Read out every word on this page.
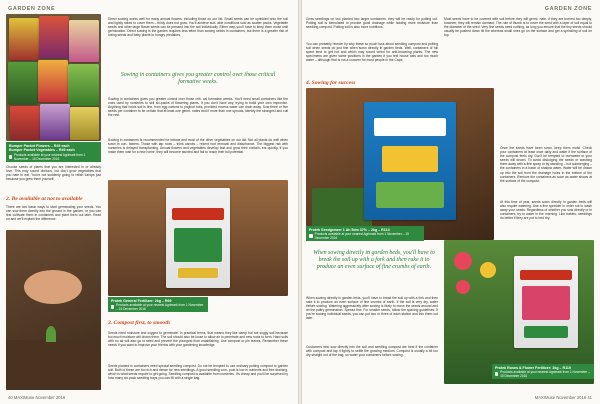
GARDEN ZONE
Bumper Packet Flowers – R49 each
Bumper Packet Vegetables – R49 each
Products available at your nearest Agrimark from 1 November – 15 December 2016

Choose seeds of plants that you are interested in or already love. This may sound obvious, but don't grow vegetables that you hate to eat. You're not suddenly going to relish turnips just because you grew them yourself.

2. Be available at not to available

There are two basic ways to start germinating your seeds. You can sow them directly into the ground in the garden, or you can first cultivate them in containers and plant them out later. Read on and we'll explain the difference.

Direct sowing works well for many annual flowers, including those on our list. Small seeds can be sprinkled onto the soil and lightly raked to cover them – thinly does not grow. You'll achieve suit- able conditions sold as scatter packs. Vegetable seeds and other large flower seeds can be pressed into the soil individually. Either way, you'll have to keep them moist until germination. Direct sowing is the garden requires less effort than sowing seeds in containers, but there is a greater risk of losing seeds and baby plants to hungry predators.

Sowing in containers gives you greater control over those critical formative weeks.

Sowing in containers gives you greater control over those criti- cal formative weeks. You'll need small containers like the ones used by nurseries to sell six-packs of flowering plants. If you don't have any, trying to build your own improvise. Anything that holds soil is fine, from egg cartons to yoghurt tubs, provided excess water can drain away. Sow three or five seeds per container to be certain that at least one germi- nates and if more than one sprouts, identify the strongest and cull the rest.

Sowing in containers is recommended for lettuce and most of the other vegetables on our list. Not all plants do well when sown in con- tainers. Those with tap roots – think carrots – resent root removal and disturbance. The biggest risk with nurseries is delayed transplanting. Annual flowers and vegetables develop fast and grow their contain- ers quickly. If you make them wait for a new home, they will become stunted and fail to reach their full potential.

Protek General Fertilizer: 2kg – R69
Products available at your nearest Agrimark from 1 November – 15 December 2016
3. Compost first, to smooth

Seeds need moisture and oxygen to germinate. In practical terms, that means they like damp but not soggy soil because too much moisture will drown them. The soil should also be loose to allow air to penetrate and new roots to form. Hard soils with no air will also go to seed and prevent the youngest from establishing. Use compost or pin leaves. Remember these needs if you want to improve your friends with your gardening knowledge.

Seeds planted in containers need special seedling compost. Do not be tempted to use ordinary potting compost or garden soil. Both of these are too rich and dense for new seedlings. A good seedling com- post is low in nutrients and free draining, which is what seeds require to get going. Seedling compost is available from nurseries. It's cheap and you'll be surprised by how many six-pack seedling trays you can fill with a single bag.

40 MAXIMuse November 2016
GARDEN ZONE

Grow seedlings on two planted into larger containers, they will be ready for potting out. Potting soil is formulated to provide good drainage while holding more moisture than seedling compost. Potting soil is also more nutritious.

You can probably reorder by why these so much fuss about seedling compost and potting soil when seeds do just fine when sown directly in garden beds. Well, containers of full spent tend to get hot and which may sound weird for anti-browning plants. The new specimens are given same positions in the garden if you feel house cats and too much water – although that is not a concern for most people in the Cape.

Most seeds have to be covered with soil before they will germi- nate. If they are burned too deeply, however, they will remain dormant. The rule of thumb is to cover the seed with a layer of soil equal to the diameter of the seed. Very fine seeds need nothing, as long you ensure that the tiny seeds should usually be pushed down till the whereas small ones go on the surface and get a sprinkling of soil on top.

4. Sowing for success
Protek Seedgrower 1 Ah 5dm 37% – 2kg – R114
Products available at your nearest Agrimark from 1 November – 15 December 2016

Once the seeds have been sown, keep them moist. Check your containers at least once daily and water if the surface of the compost feels dry. Don't be tempted to overwater or your seeds will drown. To avoid dislodging the seeds or washing them away with a fine spray or by standing – not submerging – the containers in a basin of shallow water. Water will be drawn up into the soil from the drainage holes in the bottom of the containers. Remove the containers as soon as water shows at the surface of the compost.

At this time of year, seeds sown directly in garden beds will also require watering. Use a fine sprinkler in order not to wash away your seeds. Regardless of whether you sow directly or in containers, try to water in the morning. Like babies, seedlings do better if they are put to bed dry.

When sowing directly in garden beds, you'll have to break the soil up with a fork and then rake it to produce an even surface of fine crumbs of earth.

When sowing directly in garden beds, you'll have to break the soil up with a fork and then rake it to produce an even surface of fine crumbs of earth. If the soil is very dry, water before sowing. Watering aggressively after sowing is likely to move the seeds around and let the paltry germination. Spread fine. For smaller seeds, follow the spacing guidelines. If you're sowing individual seeds, you can put two or three of each station and thin them out later.

Customers who sow directly into the soil and seedling compost are best if the container with compost and tap it lightly to settle the growing medium. Compost is usually a bit too dry straight out of the bag, so water your containers before sowing.

Protek Roses & Flower Fertilizer: 2kg – R119
Products available at your nearest Agrimark from 1 November – 15 December 2016
MAXIMuse November 2016 41
